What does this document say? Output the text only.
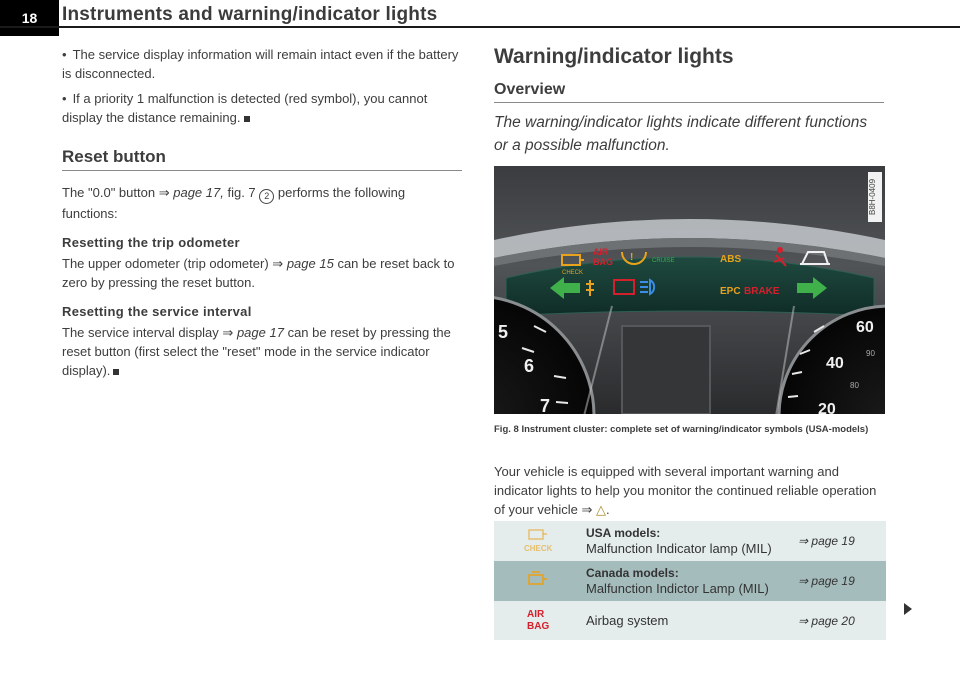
18	Instruments and warning/indicator lights

• The service display information will remain intact even if the battery is disconnected.

• If a priority 1 malfunction is detected (red symbol), you cannot display the distance remaining.

Reset button

The "0.0" button ⇒ page 17, fig. 7 2 performs the following functions:

Resetting the trip odometer

The upper odometer (trip odometer) ⇒ page 15 can be reset back to zero by pressing the reset button.

Resetting the service interval

The service interval display ⇒ page 17 can be reset by pressing the reset button (first select the "reset" mode in the service indicator display).

Warning/indicator lights
Overview
The warning/indicator lights indicate different functions or a possible malfunction.
!
CHECK
AIR
BAG	CRUISE	ABS
EPC BRAKE
5
6
7
60
40
90
80
20
B8H-0409
Fig. 8 Instrument cluster: complete set of warning/indicator symbols (USA-models)
Your vehicle is equipped with several important warning and indicator lights to help you monitor the continued reliable operation of your vehicle ⇒ △.
CHECK	USA models:
Malfunction Indicator lamp (MIL)	⇒ page 19

Canada models:
Malfunction Indictor Lamp (MIL)	⇒ page 19

AIR
BAG	Airbag system	⇒ page 20
